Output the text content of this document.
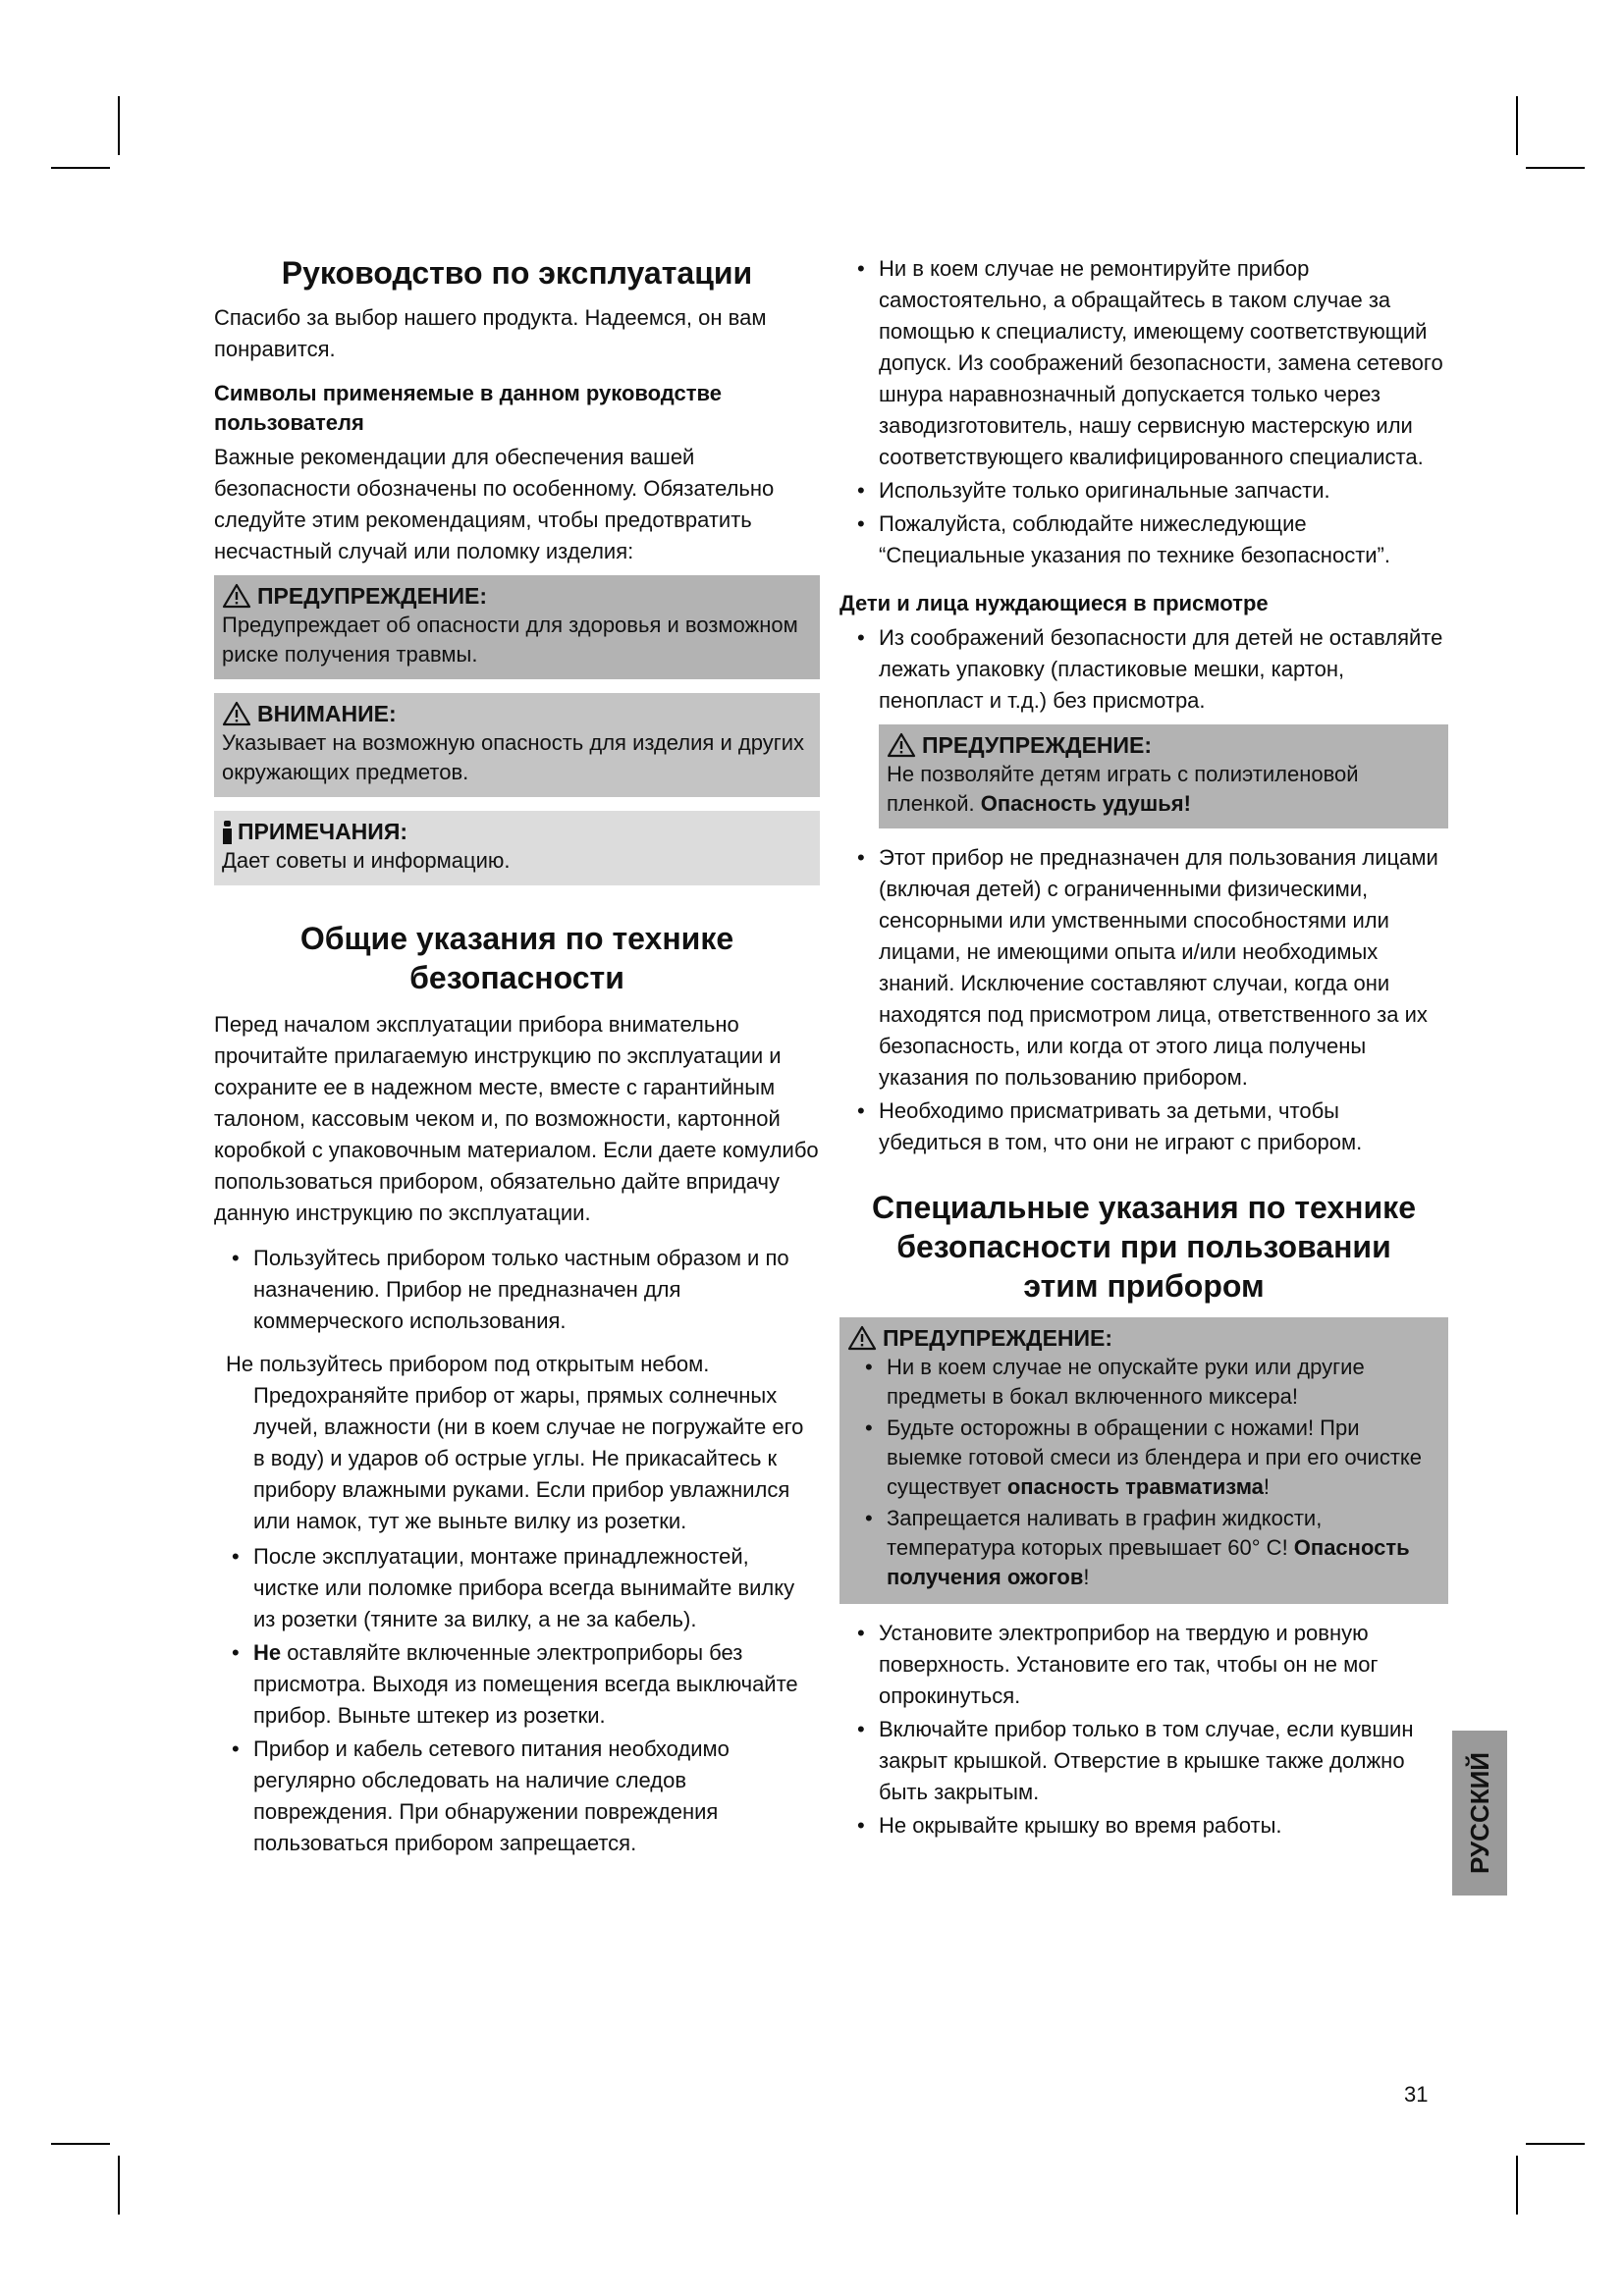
Руководство по эксплуатации

Спасибо за выбор нашего продукта. Надеемся, он вам понравится.

Символы применяемые в данном руководстве пользователя

Важные рекомендации для обеспечения вашей безопасности обозначены по особенному. Обязательно следуйте этим рекомендациям, чтобы предотвратить несчастный случай или поломку изделия:

ПРЕДУПРЕЖДЕНИЕ:
Предупреждает об опасности для здоровья и возможном риске получения травмы.
ВНИМАНИЕ:
Указывает на возможную опасность для изделия и других окружающих предметов.
ПРИМЕЧАНИЯ:
Дает советы и информацию.
Общие указания по технике безопасности

Перед началом эксплуатации прибора внимательно прочитайте прилагаемую инструкцию по эксплуатации и сохраните ее в надежном месте, вместе с гарантийным талоном, кассовым чеком и, по возможности, картонной коробкой с упаковочным материалом. Если даете комулибо попользоваться прибором, обязательно дайте впридачу данную инструкцию по эксплуатации.

• Пользуйтесь прибором только частным образом и по назначению. Прибор не предназначен для коммерческого использования.
Не пользуйтесь прибором под открытым небом. Предохраняйте прибор от жары, прямых солнечных лучей, влажности (ни в коем случае не погружайте его в воду) и ударов об острые углы. Не прикасайтесь к прибору влажными руками. Если прибор увлажнился или намок, тут же выньте вилку из розетки.
• После эксплуатации, монтаже принадлежностей, чистке или поломке прибора всегда вынимайте вилку из розетки (тяните за вилку, а не за кабель).
• Не оставляйте включенные электроприборы без присмотра. Выходя из помещения всегда выключайте прибор. Выньте штекер из розетки.
• Прибор и кабель сетевого питания необходимо регулярно обследовать на наличие следов повреждения. При обнаружении повреждения пользоваться прибором запрещается.
• Ни в коем случае не ремонтируйте прибор самостоятельно, а обращайтесь в таком случае за помощью к специалисту, имеющему соответствующий допуск. Из соображений безопасности, замена сетевого шнура наравнозначный допускается только через заводизготовитель, нашу сервисную мастерскую или соответствующего квалифицированного специалиста.
• Используйте только оригинальные запчасти.
• Пожалуйста, соблюдайте нижеследующие “Специальные указания по технике безопасности”.
Дети и лица нуждающиеся в присмотре
• Из соображений безопасности для детей не оставляйте лежать упаковку (пластиковые мешки, картон, пенопласт и т.д.) без присмотра.
ПРЕДУПРЕЖДЕНИЕ:
Не позволяйте детям играть с полиэтиленовой пленкой. Опасность удушья!
• Этот прибор не предназначен для пользования лицами (включая детей) с ограниченными физическими, сенсорными или умственными способностями или лицами, не имеющими опыта и/или необходимых знаний. Исключение составляют случаи, когда они находятся под присмотром лица, ответственного за их безопасность, или когда от этого лица получены указания по пользованию прибором.
• Необходимо присматривать за детьми, чтобы убедиться в том, что они не играют с прибором.
Специальные указания по технике безопасности при пользовании этим прибором
ПРЕДУПРЕЖДЕНИЕ:
• Ни в коем случае не опускайте руки или другие предметы в бокал включенного миксера!
• Будьте осторожны в обращении с ножами! При выемке готовой смеси из блендера и при его очистке существует опасность травматизма!
• Запрещается наливать в графин жидкости, температура которых превышает 60° C! Опасность получения ожогов!
• Установите электроприбор на твердую и ровную поверхность. Установите его так, чтобы он не мог опрокинуться.
• Включайте прибор только в том случае, если кувшин закрыт крышкой. Отверстие в крышке также должно быть закрытым.
• Не окрывайте крышку во время работы.	РУССКИЙ
31
